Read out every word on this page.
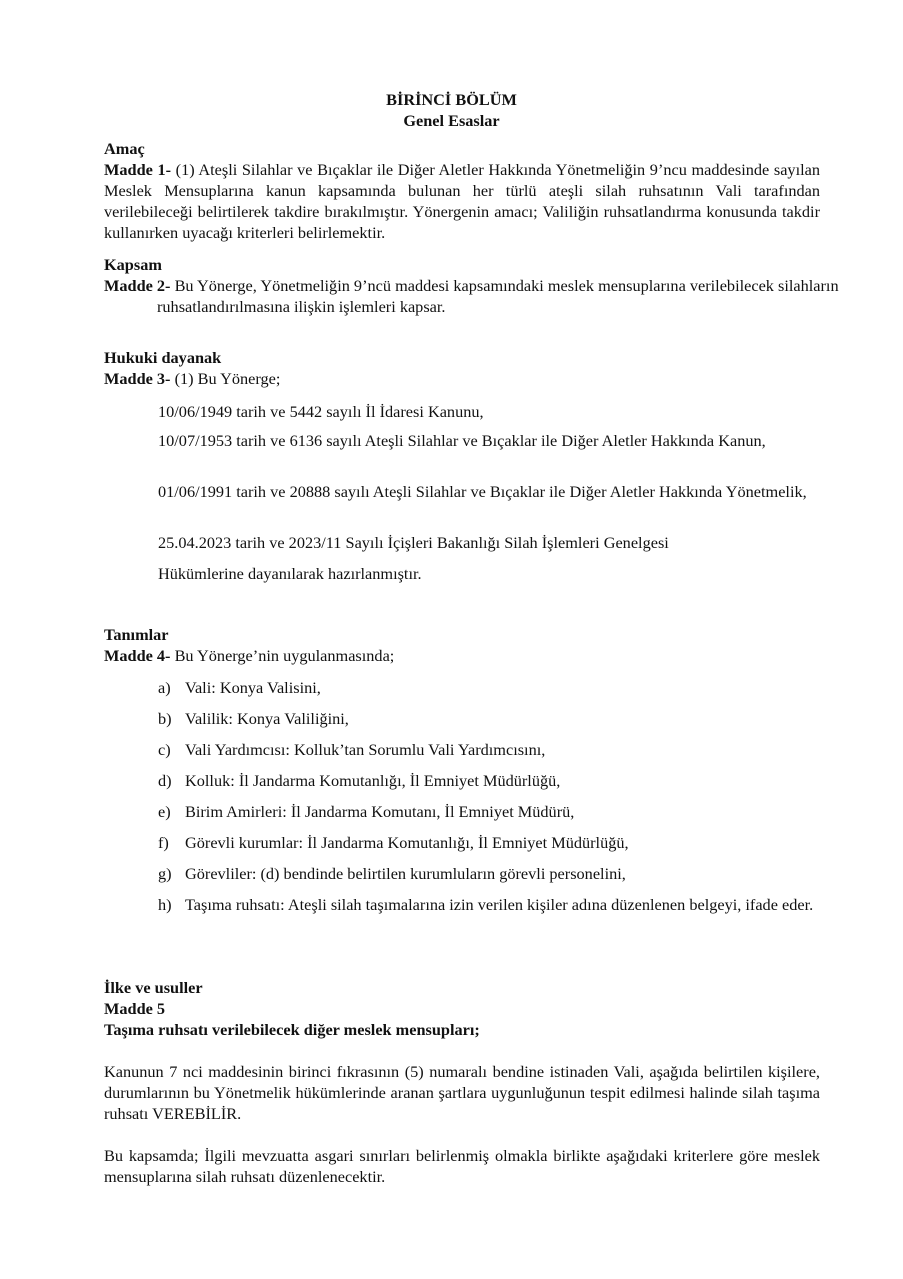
BİRİNCİ BÖLÜM
Genel Esaslar
Amaç
Madde 1- (1) Ateşli Silahlar ve Bıçaklar ile Diğer Aletler Hakkında Yönetmeliğin 9’ncu maddesinde sayılan Meslek Mensuplarına kanun kapsamında bulunan her türlü ateşli silah ruhsatının Vali tarafından verilebileceği belirtilerek takdire bırakılmıştır. Yönergenin amacı; Valiliğin ruhsatlandırma konusunda takdir kullanırken uyacağı kriterleri belirlemektir.
Kapsam
Madde 2- Bu Yönerge, Yönetmeliğin 9’ncü maddesi kapsamındaki meslek mensuplarına verilebilecek silahların ruhsatlandırılmasına ilişkin işlemleri kapsar.
Hukuki dayanak
Madde 3- (1) Bu Yönerge;
10/06/1949 tarih ve 5442 sayılı İl İdaresi Kanunu,
10/07/1953 tarih ve 6136 sayılı Ateşli Silahlar ve Bıçaklar ile Diğer Aletler Hakkında Kanun,
01/06/1991 tarih ve 20888 sayılı Ateşli Silahlar ve Bıçaklar ile Diğer Aletler Hakkında Yönetmelik,
25.04.2023 tarih ve 2023/11 Sayılı İçişleri Bakanlığı Silah İşlemleri Genelgesi
Hükümlerine dayanılarak hazırlanmıştır.
Tanımlar
Madde 4- Bu Yönerge’nin uygulanmasında;
a) Vali: Konya Valisini,
b) Valilik: Konya Valiliğini,
c) Vali Yardımcısı: Kolluk’tan Sorumlu Vali Yardımcısını,
d) Kolluk: İl Jandarma Komutanlığı, İl Emniyet Müdürlüğü,
e) Birim Amirleri: İl Jandarma Komutanı, İl Emniyet Müdürü,
f) Görevli kurumlar: İl Jandarma Komutanlığı, İl Emniyet Müdürlüğü,
g) Görevliler: (d) bendinde belirtilen kurumluların görevli personelini,
h) Taşıma ruhsatı: Ateşli silah taşımalarına izin verilen kişiler adına düzenlenen belgeyi, ifade eder.
İlke ve usuller
Madde 5
Taşıma ruhsatı verilebilecek diğer meslek mensupları;
Kanunun 7 nci maddesinin birinci fıkrasının (5) numaralı bendine istinaden Vali, aşağıda belirtilen kişilere, durumlarının bu Yönetmelik hükümlerinde aranan şartlara uygunluğunun tespit edilmesi halinde silah taşıma ruhsatı VEREBİLİR.
Bu kapsamda; İlgili mevzuatta asgari sınırları belirlenmiş olmakla birlikte aşağıdaki kriterlere göre meslek mensuplarına silah ruhsatı düzenlenecektir.
